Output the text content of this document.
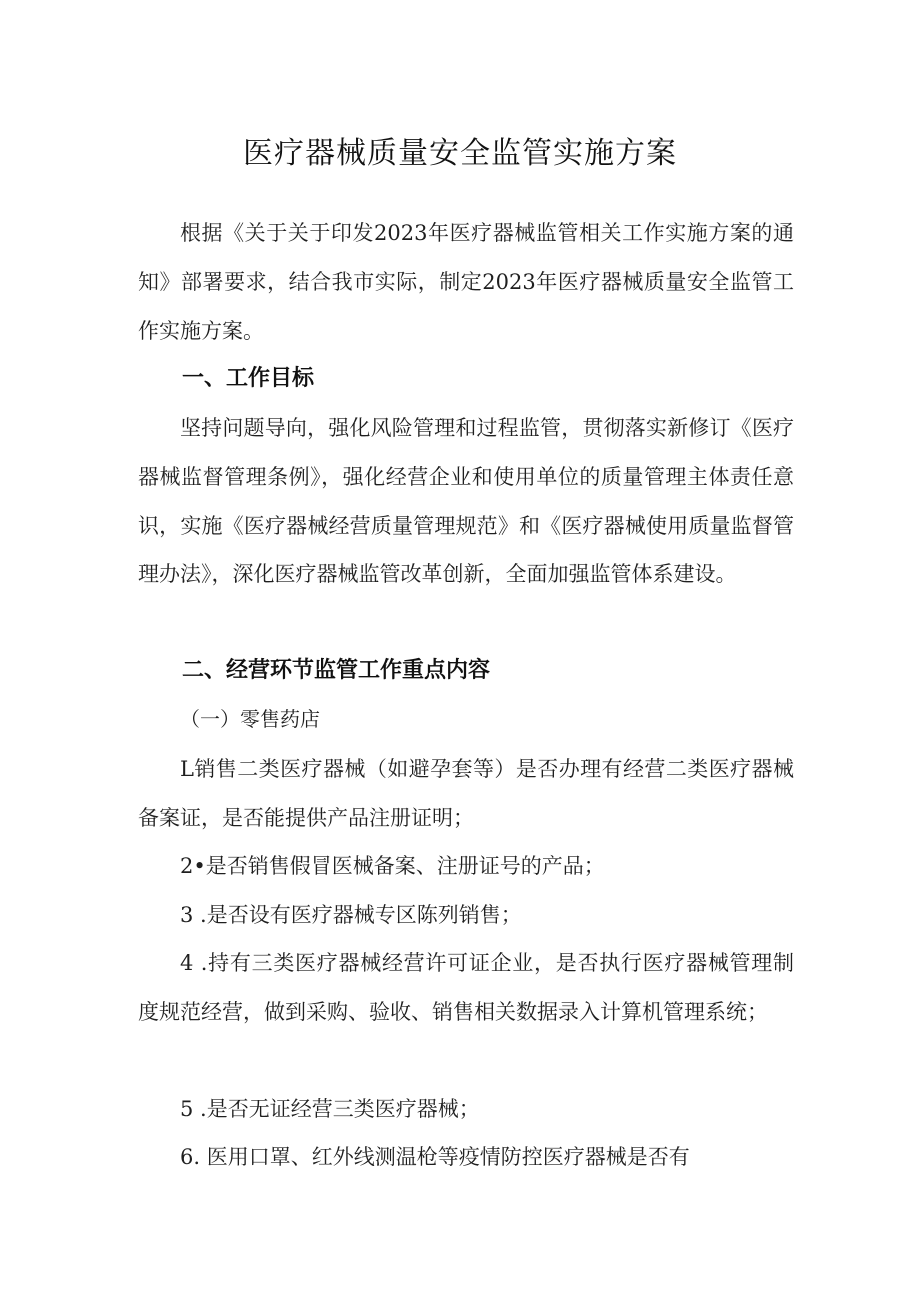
医疗器械质量安全监管实施方案

根据《关于关于印发2023年医疗器械监管相关工作实施方案的通知》部署要求，结合我市实际，制定2023年医疗器械质量安全监管工作实施方案。

一、工作目标

坚持问题导向，强化风险管理和过程监管，贯彻落实新修订《医疗器械监督管理条例》，强化经营企业和使用单位的质量管理主体责任意识，实施《医疗器械经营质量管理规范》和《医疗器械使用质量监督管理办法》，深化医疗器械监管改革创新，全面加强监管体系建设。

二、经营环节监管工作重点内容

（一）零售药店

L销售二类医疗器械（如避孕套等）是否办理有经营二类医疗器械备案证，是否能提供产品注册证明；

2•是否销售假冒医械备案、注册证号的产品；

3 .是否设有医疗器械专区陈列销售；

4 .持有三类医疗器械经营许可证企业，是否执行医疗器械管理制度规范经营，做到采购、验收、销售相关数据录入计算机管理系统；

5 .是否无证经营三类医疗器械；

6. 医用口罩、红外线测温枪等疫情防控医疗器械是否有
